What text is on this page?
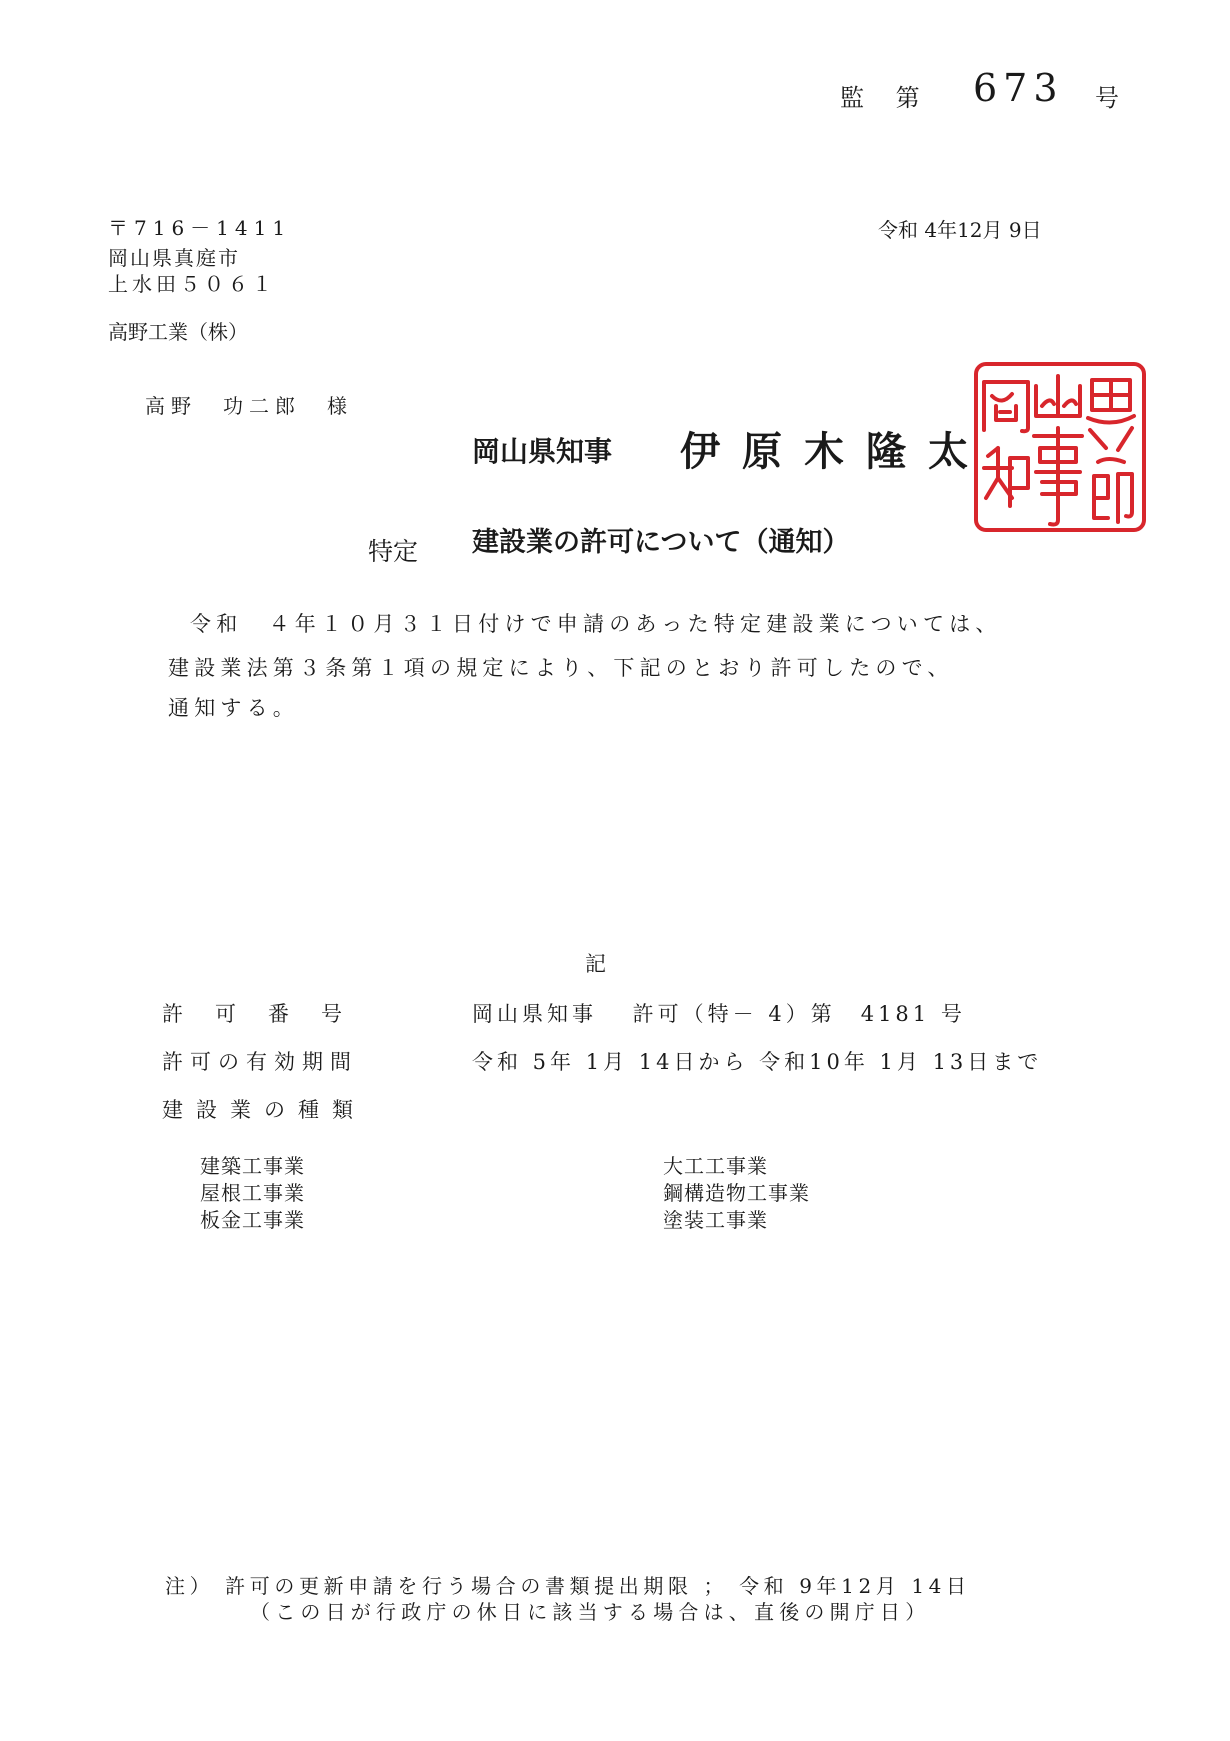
監 第 673 号
〒716－1411
岡山県真庭市
上水田５０６１
高野工業（株）
高野　功二郎　様
令和 4年12月 9日
岡山県知事 伊原木隆太
特定 建設業の許可について（通知）
令和　４年１０月３１日付けで申請のあった特定建設業については、
建設業法第３条第１項の規定により、下記のとおり許可したので、
通知する。
記
許可番号	岡山県知事　 許可（特－ 4）第　4181 号
許可の有効期間	令和 5年 1月 14日から 令和10年 1月 13日まで
建設業の種類
建築工事業
屋根工事業
板金工事業
大工工事業
鋼構造物工事業
塗装工事業
注） 許可の更新申請を行う場合の書類提出期限 ； 令和 9年12月 14日
（この日が行政庁の休日に該当する場合は、直後の開庁日）
